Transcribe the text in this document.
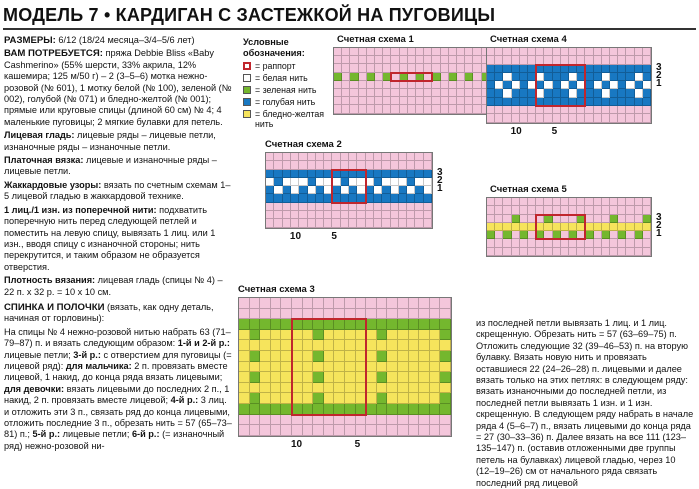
МОДЕЛЬ 7 • КАРДИГАН С ЗАСТЕЖКОЙ НА ПУГОВИЦЫ

РАЗМЕРЫ: 6/12 (18/24 месяца–3/4–5/6 лет)

ВАМ ПОТРЕБУЕТСЯ: пряжа Debbie Bliss «Baby Cashmerino» (55% шерсти, 33% акрила, 12% кашемира; 125 м/50 г) – 2 (3–5–6) мотка нежно-розовой (№ 601), 1 мотку белой (№ 100), зеленой (№ 002), голубой (№ 071) и бледно-желтой (№ 001); прямые или круговые спицы (длиной 60 см) № 4; 4 маленькие пуговицы; 2 мягкие булавки для петель.

Лицевая гладь: лицевые ряды – лицевые петли, изнаночные ряды – изнаночные петли.

Платочная вязка: лицевые и изнаночные ряды – лицевые петли.

Жаккардовые узоры: вязать по счетным схемам 1–5 лицевой гладью в жаккардовой технике.

1 лиц./1 изн. из поперечной нити: подхватить поперечную нить перед следующей петлей и поместить на левую спицу, вывязать 1 лиц. или 1 изн., вводя спицу с изнаночной стороны; нить перекрутится, и таким образом не образуется отверстия.

Плотность вязания: лицевая гладь (спицы № 4) – 22 п. x 32 р. = 10 x 10 см.

СПИНКА И ПОЛОЧКИ (вязать, как одну деталь, начиная от горловины):

На спицы № 4 нежно-розовой нитью набрать 63 (71–79–87) п. и вязать следующим образом: 1-й и 2-й р.: лицевые петли; 3-й р.: с отверстием для пуговицы (= лицевой ряд): для мальчика: 2 п. провязать вместе лицевой, 1 накид, до конца ряда вязать лицевыми; для девочки: вязать лицевыми до последних 2 п., 1 накид, 2 п. провязать вместе лицевой; 4-й р.: 3 лиц. и отложить эти 3 п., связать ряд до конца лицевыми, отложить последние 3 п., обрезать нить = 57 (65–73–81) п.; 5-й р.: лицевые петли; 6-й р.: (= изнаночный ряд) нежно-розовой ни-

из последней петли вывязать 1 лиц. и 1 лиц. скрещенную. Обрезать нить = 57 (63–69–75) п. Отложить следующие 32 (39–46–53) п. на вторую булавку. Вязать новую нить и провязать оставшиеся 22 (24–26–28) п. лицевыми и далее вязать только на этих петлях: в следующем ряду: вязать изнаночными до последней петли, из последней петли вывязать 1 изн. и 1 изн. скрещенную. В следующем ряду набрать в начале ряда 4 (5–6–7) п., вязать лицевыми до конца ряда = 27 (30–33–36) п. Далее вязать на все 111 (123–135–147) п. (оставив отложенными две группы петель на булавках) лицевой гладью, через 10 (12–19–26) см от начального ряда связать последний ряд лицевой

Условные обозначения:
= раппорт
= белая нить
= зеленая нить
= голубая нить
= бледно-желтая нить
Счетная схема 1
Счетная схема 2
3
2
1
10	5
Счетная схема 3
10	5
Счетная схема 4
3
2
1
10	5
Счетная схема 5
3
2
1
